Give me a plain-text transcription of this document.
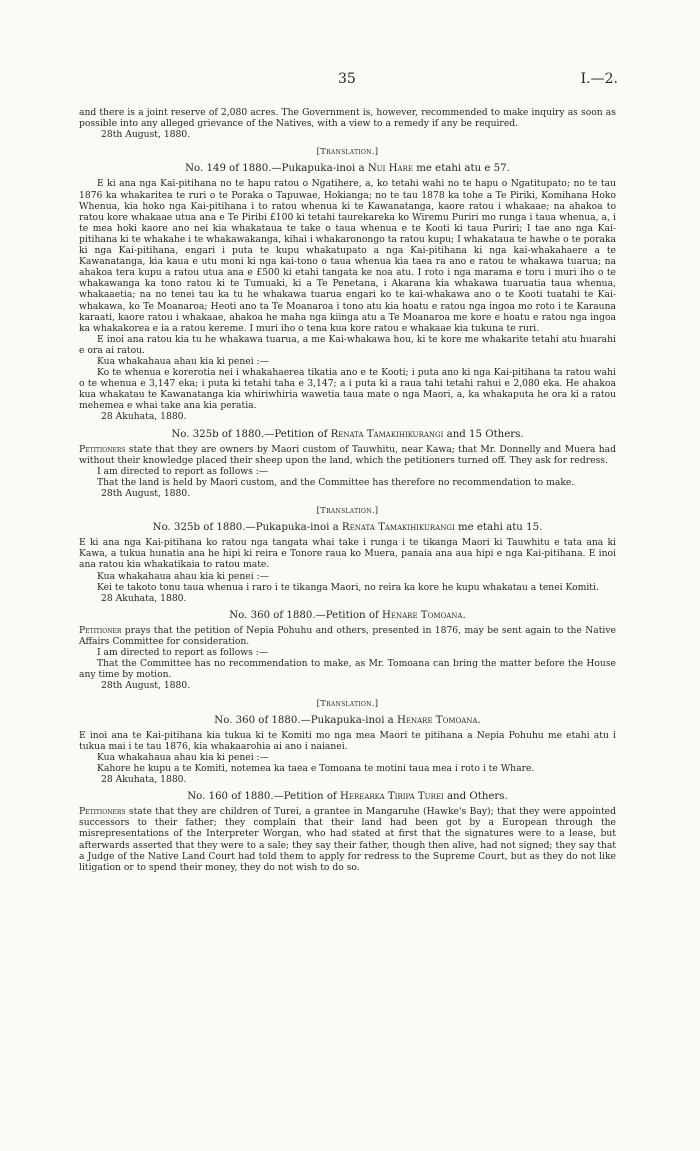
35	I.—2.

and there is a joint reserve of 2,080 acres. The Government is, however, recommended to make inquiry as soon as possible into any alleged grievance of the Natives, with a view to a remedy if any be required.

28th August, 1880.

[Translation.]
No. 149 of 1880.—Pukapuka-inoi a Nui Hare me etahi atu e 57.

E ki ana nga Kai-pitihana no te hapu ratou o Ngatihere, a, ko tetahi wahi no te hapu o Ngatitupato; no te tau 1876 ka whakaritea te ruri o te Poraka o Tapuwae, Hokianga; no te tau 1878 ka tohe a Te Piriki, Komihana Hoko Whenua, kia hoko nga Kai-pitihana i to ratou whenua ki te Kawanatanga, kaore ratou i whakaae; na ahakoa to ratou kore whakaae utua ana e Te Piribi £100 ki tetahi taurekareka ko Wiremu Puriri mo runga i taua whenua, a, i te mea hoki kaore ano nei kia whakataua te take o taua whenua e te Kooti ki taua Puriri; I tae ano nga Kai-pitihana ki te whakahe i te whakawakanga, kihai i whakaronongo ta ratou kupu; I whakataua te hawhe o te poraka ki nga Kai-pitihana, engari i puta te kupu whakatupato a nga Kai-pitihana ki nga kai-whakahaere a te Kawanatanga, kia kaua e utu moni ki nga kai-tono o taua whenua kia taea ra ano e ratou te whakawa tuarua; na ahakoa tera kupu a ratou utua ana e £500 ki etahi tangata ke noa atu. I roto i nga marama e toru i muri iho o te whakawanga ka tono ratou ki te Tumuaki, ki a Te Penetana, i Akarana kia whakawa tuaruatia taua whenua, whakaaetia; na no tenei tau ka tu he whakawa tuarua engari ko te kai-whakawa ano o te Kooti tuatahi te Kai-whakawa, ko Te Moanaroa; Heoti ano ta Te Moanaroa i tono atu kia hoatu e ratou nga ingoa mo roto i te Karauna karaati, kaore ratou i whakaae, ahakoa he maha nga kiinga atu a Te Moanaroa me kore e hoatu e ratou nga ingoa ka whakakorea e ia a ratou kereme. I muri iho o tena kua kore ratou e whakaae kia tukuna te ruri.

E inoi ana ratou kia tu he whakawa tuarua, a me Kai-whakawa hou, ki te kore me whakarite tetahi atu huarahi e ora ai ratou.

Kua whakahaua ahau kia ki penei :—

Ko te whenua e korerotia nei i whakahaerea tikatia ano e te Kooti; i puta ano ki nga Kai-pitihana ta ratou wahi o te whenua e 3,147 eka; i puta ki tetahi taha e 3,147; a i puta ki a raua tahi tetahi rahui e 2,080 eka. He ahakoa kua whakatau te Kawanatanga kia whiriwhiria wawetia taua mate o nga Maori, a, ka whakaputa he ora ki a ratou mehemea e whai take ana kia peratia.

28 Akuhata, 1880.

No. 325b of 1880.—Petition of Renata Tamakihikurangi and 15 Others.

Petitioners state that they are owners by Maori custom of Tauwhitu, near Kawa; that Mr. Donnelly and Muera had without their knowledge placed their sheep upon the land, which the petitioners turned off. They ask for redress.

I am directed to report as follows :—

That the land is held by Maori custom, and the Committee has therefore no recommendation to make.

28th August, 1880.

[Translation.]
No. 325b of 1880.—Pukapuka-inoi a Renata Tamakihikurangi me etahi atu 15.

E ki ana nga Kai-pitihana ko ratou nga tangata whai take i runga i te tikanga Maori ki Tauwhitu e tata ana ki Kawa, a tukua hunatia ana he hipi ki reira e Tonore raua ko Muera, panaia ana aua hipi e nga Kai-pitihana. E inoi ana ratou kia whakatikaia to ratou mate.

Kua whakahaua ahau kia ki penei :—

Kei te takoto tonu taua whenua i raro i te tikanga Maori, no reira ka kore he kupu whakatau a tenei Komiti.

28 Akuhata, 1880.

No. 360 of 1880.—Petition of Henare Tomoana.

Petitioner prays that the petition of Nepia Pohuhu and others, presented in 1876, may be sent again to the Native Affairs Committee for consideration.

I am directed to report as follows :—

That the Committee has no recommendation to make, as Mr. Tomoana can bring the matter before the House any time by motion.

28th August, 1880.

[Translation.]
No. 360 of 1880.—Pukapuka-inoi a Henare Tomoana.

E inoi ana te Kai-pitihana kia tukua ki te Komiti mo nga mea Maori te pitihana a Nepia Pohuhu me etahi atu i tukua mai i te tau 1876, kia whakaarohia ai ano i naianei.

Kua whakahaua ahau kia ki penei :—

Kahore he kupu a te Komiti, notemea ka taea e Tomoana te motini taua mea i roto i te Whare.

28 Akuhata, 1880.

No. 160 of 1880.—Petition of Herearka Tiripa Turei and Others.

Petitioners state that they are children of Turei, a grantee in Mangaruhe (Hawke's Bay); that they were appointed successors to their father; they complain that their land had been got by a European through the misrepresentations of the Interpreter Worgan, who had stated at first that the signatures were to a lease, but afterwards asserted that they were to a sale; they say their father, though then alive, had not signed; they say that a Judge of the Native Land Court had told them to apply for redress to the Supreme Court, but as they do not like litigation or to spend their money, they do not wish to do so.
